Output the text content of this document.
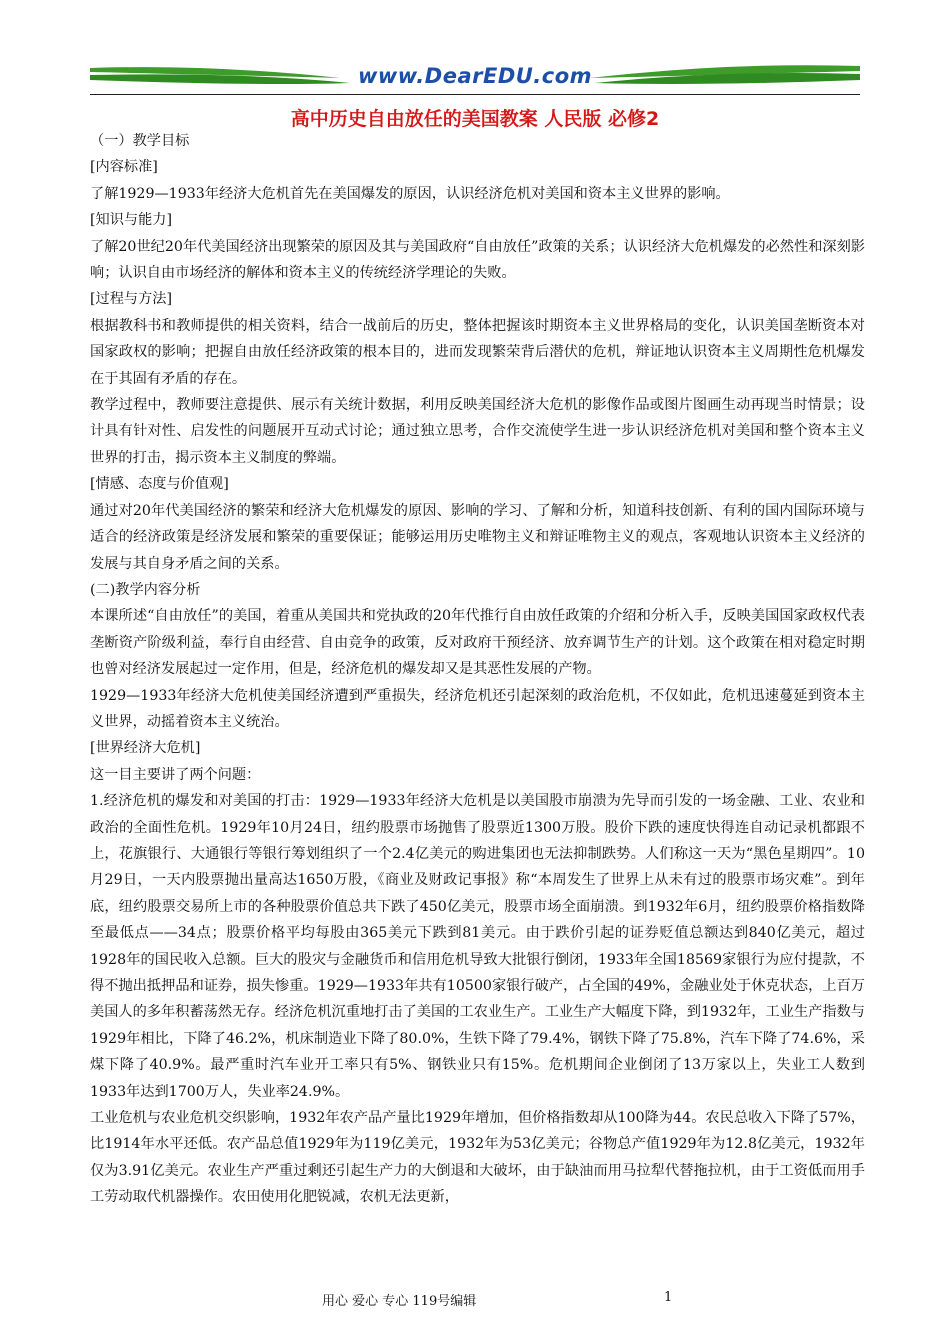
www.DearEDU.com
高中历史自由放任的美国教案 人民版 必修2

（一）教学目标

[内容标准]

了解1929—1933年经济大危机首先在美国爆发的原因，认识经济危机对美国和资本主义世界的影响。

[知识与能力]

了解20世纪20年代美国经济出现繁荣的原因及其与美国政府“自由放任”政策的关系；认识经济大危机爆发的必然性和深刻影响；认识自由市场经济的解体和资本主义的传统经济学理论的失败。

[过程与方法]

根据教科书和教师提供的相关资料，结合一战前后的历史，整体把握该时期资本主义世界格局的变化，认识美国垄断资本对国家政权的影响；把握自由放任经济政策的根本目的，进而发现繁荣背后潜伏的危机，辩证地认识资本主义周期性危机爆发在于其固有矛盾的存在。

教学过程中，教师要注意提供、展示有关统计数据，利用反映美国经济大危机的影像作品或图片图画生动再现当时情景；设计具有针对性、启发性的问题展开互动式讨论；通过独立思考，合作交流使学生进一步认识经济危机对美国和整个资本主义世界的打击，揭示资本主义制度的弊端。

[情感、态度与价值观]

通过对20年代美国经济的繁荣和经济大危机爆发的原因、影响的学习、了解和分析，知道科技创新、有利的国内国际环境与适合的经济政策是经济发展和繁荣的重要保证；能够运用历史唯物主义和辩证唯物主义的观点，客观地认识资本主义经济的发展与其自身矛盾之间的关系。

(二)教学内容分析

本课所述“自由放任”的美国，着重从美国共和党执政的20年代推行自由放任政策的介绍和分析入手，反映美国国家政权代表垄断资产阶级利益，奉行自由经营、自由竞争的政策，反对政府干预经济、放弃调节生产的计划。这个政策在相对稳定时期也曾对经济发展起过一定作用，但是，经济危机的爆发却又是其恶性发展的产物。

1929—1933年经济大危机使美国经济遭到严重损失，经济危机还引起深刻的政治危机，不仅如此，危机迅速蔓延到资本主义世界，动摇着资本主义统治。

[世界经济大危机]

这一目主要讲了两个问题：

1.经济危机的爆发和对美国的打击：1929—1933年经济大危机是以美国股市崩溃为先导而引发的一场金融、工业、农业和政治的全面性危机。1929年10月24日，纽约股票市场抛售了股票近1300万股。股价下跌的速度快得连自动记录机都跟不上，花旗银行、大通银行等银行筹划组织了一个2.4亿美元的购进集团也无法抑制跌势。人们称这一天为“黑色星期四”。10月29日，一天内股票抛出量高达1650万股，《商业及财政记事报》称“本周发生了世界上从未有过的股票市场灾难”。到年底，纽约股票交易所上市的各种股票价值总共下跌了450亿美元，股票市场全面崩溃。到1932年6月，纽约股票价格指数降至最低点——34点；股票价格平均每股由365美元下跌到81美元。由于跌价引起的证券贬值总额达到840亿美元，超过1928年的国民收入总额。巨大的股灾与金融货币和信用危机导致大批银行倒闭，1933年全国18569家银行为应付提款，不得不抛出抵押品和证券，损失惨重。1929—1933年共有10500家银行破产，占全国的49%，金融业处于休克状态，上百万美国人的多年积蓄荡然无存。经济危机沉重地打击了美国的工农业生产。工业生产大幅度下降，到1932年，工业生产指数与1929年相比，下降了46.2%，机床制造业下降了80.0%，生铁下降了79.4%，钢铁下降了75.8%，汽车下降了74.6%，采煤下降了40.9%。最严重时汽车业开工率只有5%、钢铁业只有15%。危机期间企业倒闭了13万家以上，失业工人数到1933年达到1700万人，失业率24.9%。

工业危机与农业危机交织影响，1932年农产品产量比1929年增加，但价格指数却从100降为44。农民总收入下降了57%，比1914年水平还低。农产品总值1929年为119亿美元，1932年为53亿美元；谷物总产值1929年为12.8亿美元，1932年仅为3.91亿美元。农业生产严重过剩还引起生产力的大倒退和大破坏，由于缺油而用马拉犁代替拖拉机，由于工资低而用手工劳动取代机器操作。农田使用化肥锐减，农机无法更新，

用心 爱心 专心 119号编辑	1
